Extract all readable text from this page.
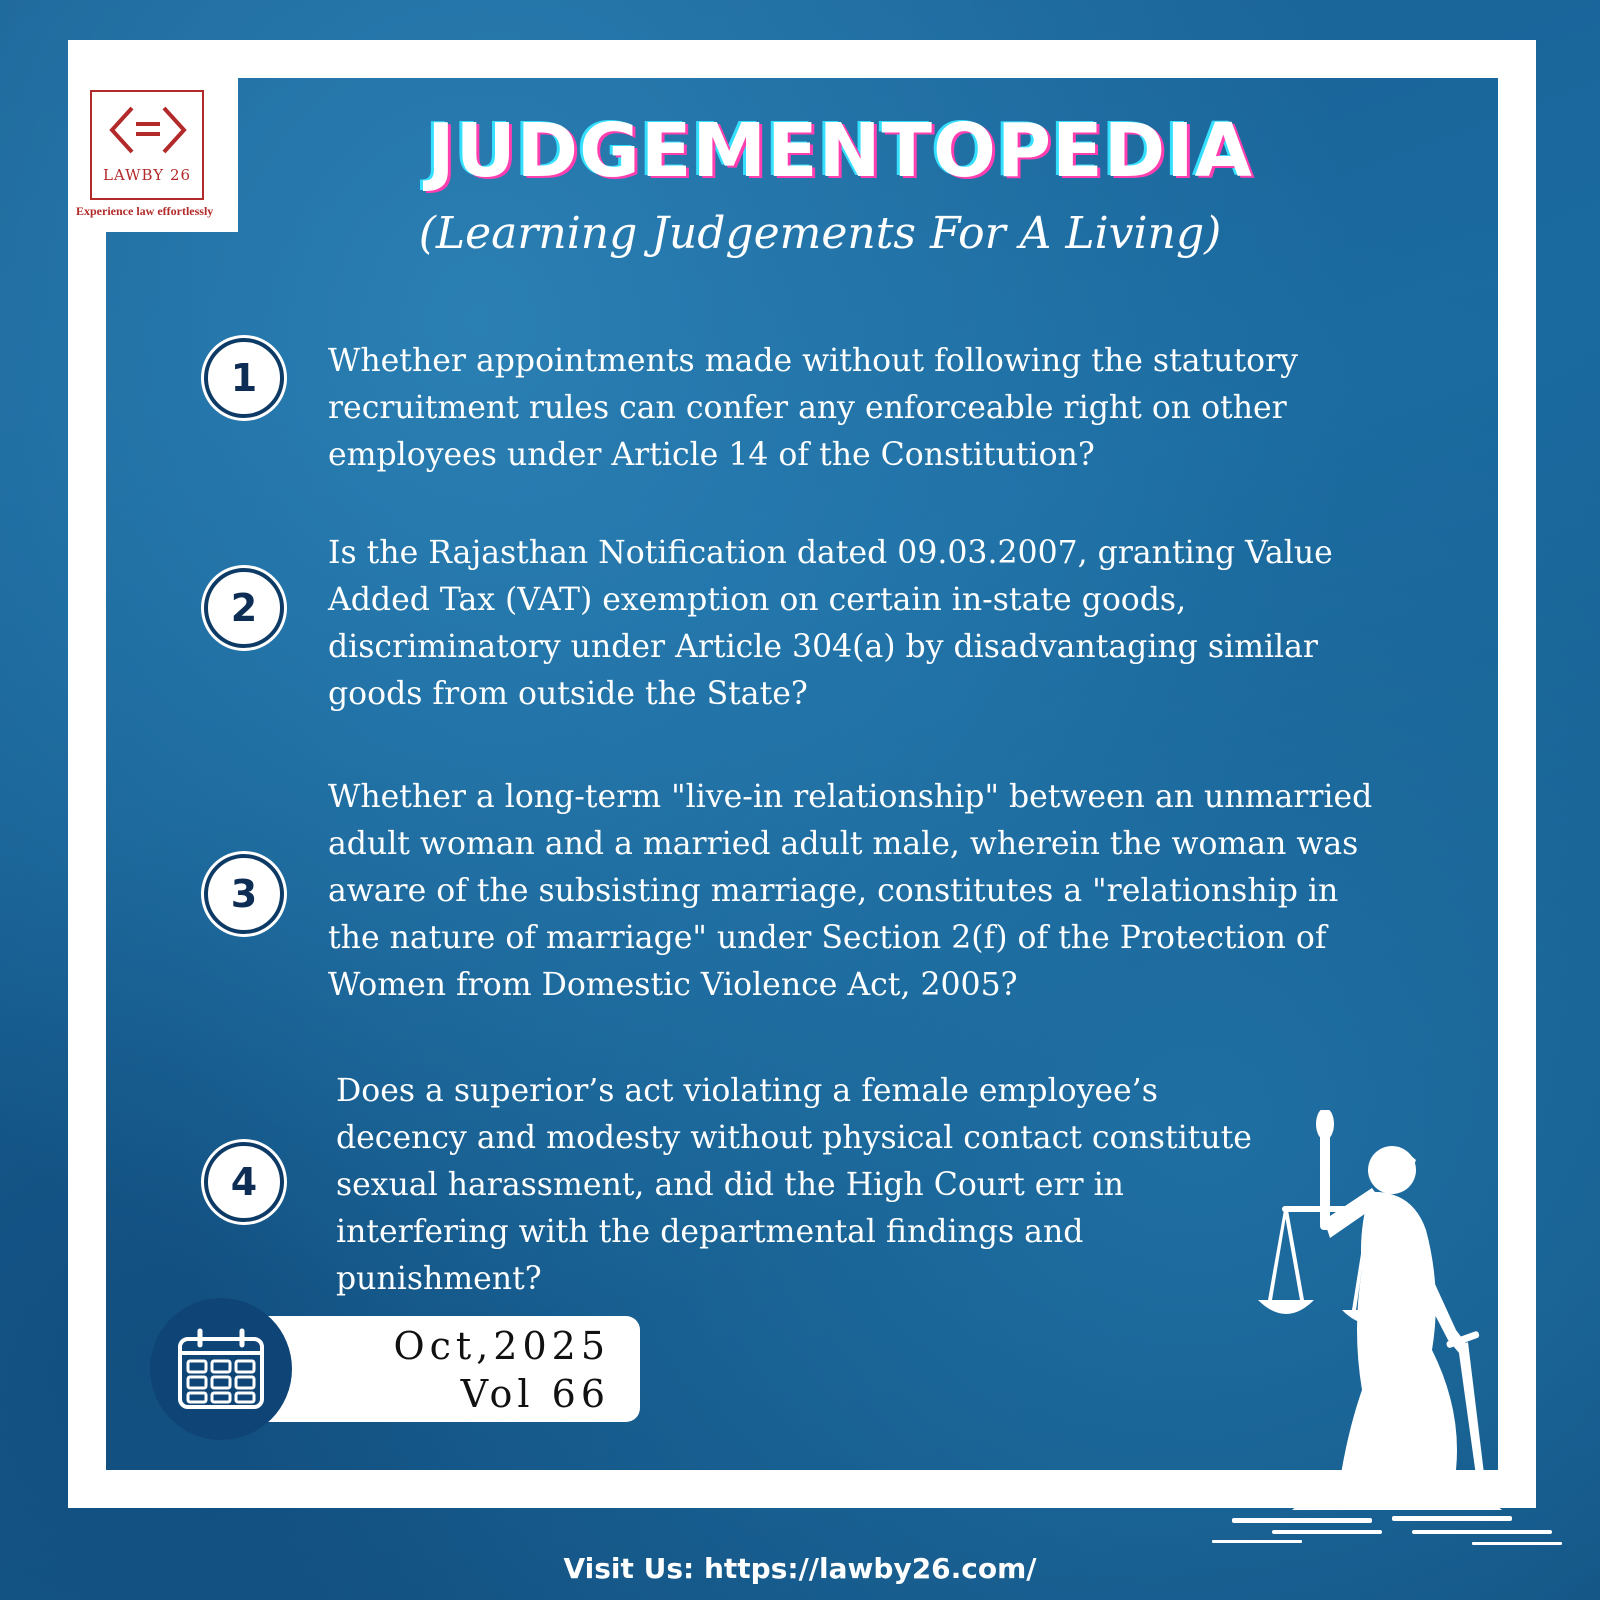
LAWBY 26
Experience law effortlessly
JUDGEMENTOPEDIA
(Learning Judgements For A Living)
1	Whether appointments made without following the statutory recruitment rules can confer any enforceable right on other employees under Article 14 of the Constitution?
2
Is the Rajasthan Notification dated 09.03.2007, granting Value Added Tax (VAT) exemption on certain in-state goods, discriminatory under Article 304(a) by disadvantaging similar goods from outside the State?
3
Whether a long-term "live-in relationship" between an unmarried adult woman and a married adult male, wherein the woman was aware of the subsisting marriage, constitutes a "relationship in the nature of marriage" under Section 2(f) of the Protection of Women from Domestic Violence Act, 2005?
4
Does a superior’s act violating a female employee’s decency and modesty without physical contact constitute sexual harassment, and did the High Court err in interfering with the departmental findings and punishment?
Oct,2025
Vol 66
Visit Us: https://lawby26.com/
